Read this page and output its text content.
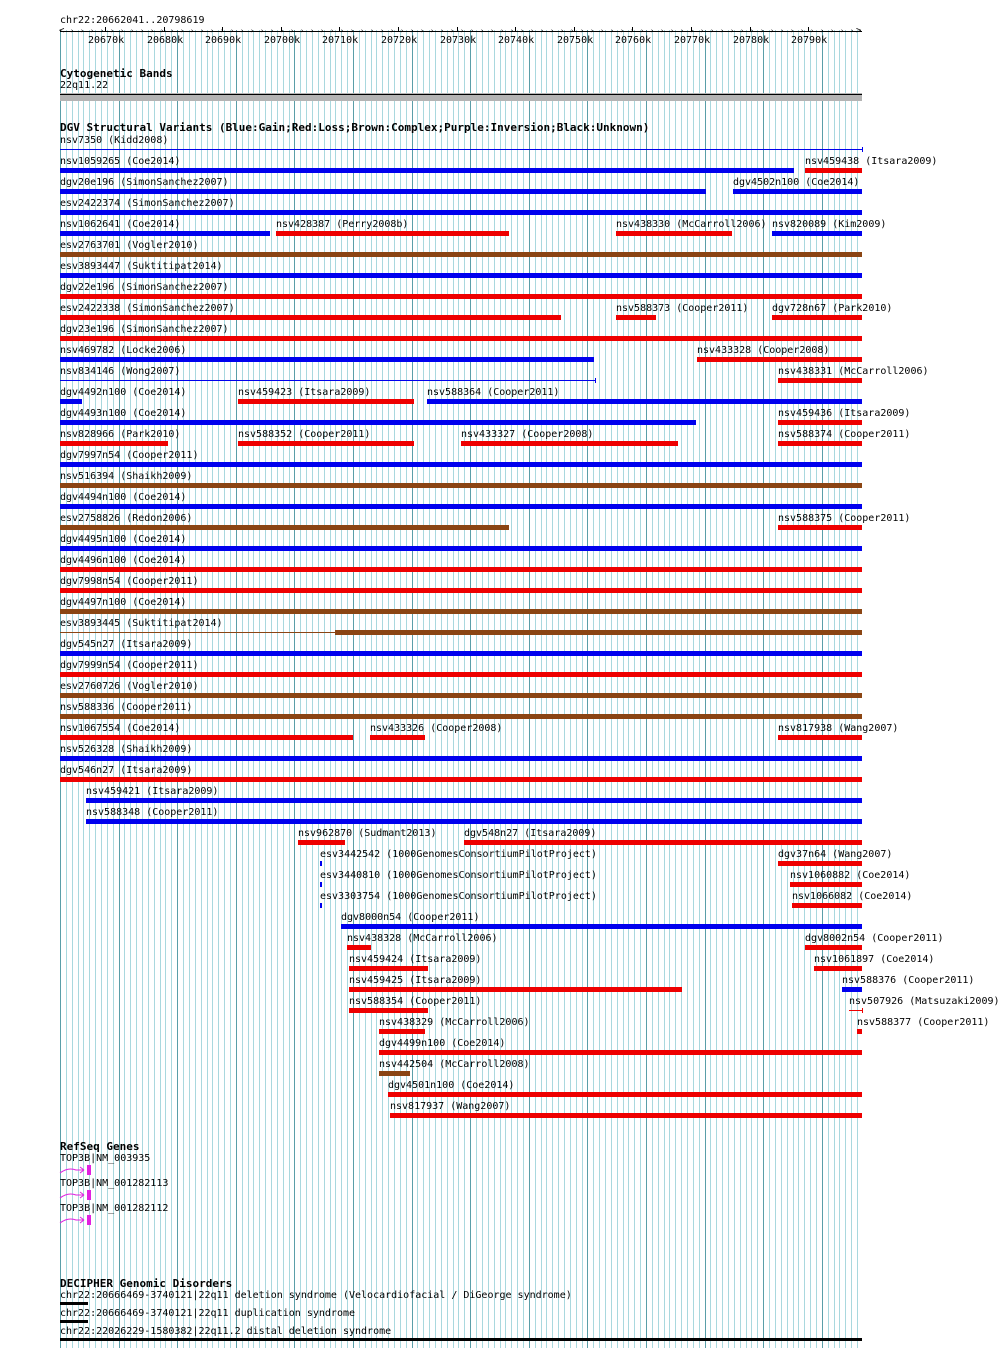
chr22:20662041..20798619
<	>
20670k 20680k 20690k 20700k 20710k 20720k 20730k 20740k 20750k 20760k 20770k 20780k 20790k
› › › › › › › › › › › › › › › › › › › › › › › › › › › › › › › › › › › › › › › › › › › › › › › › › › › › › › › › › › › › › › › › › › › › › › › › › › › › › › ›
Cytogenetic Bands
22q11.22
DGV Structural Variants (Blue:Gain;Red:Loss;Brown:Complex;Purple:Inversion;Black:Unknown)
nsv7350 (Kidd2008)
nsv1059265 (Coe2014)	nsv459438 (Itsara2009)
dgv20e196 (SimonSanchez2007)	dgv4502n100 (Coe2014)
esv2422374 (SimonSanchez2007)
nsv1062641 (Coe2014)	nsv428387 (Perry2008b)	nsv438330 (McCarroll2006) nsv820089 (Kim2009)
esv2763701 (Vogler2010)
esv3893447 (Suktitipat2014)
dgv22e196 (SimonSanchez2007)
esv2422338 (SimonSanchez2007)	nsv588373 (Cooper2011) dgv728n67 (Park2010)
dgv23e196 (SimonSanchez2007)
nsv469782 (Locke2006)	nsv433328 (Cooper2008)
nsv834146 (Wong2007)	nsv438331 (McCarroll2006)
dgv4492n100 (Coe2014)	nsv459423 (Itsara2009)	nsv588364 (Cooper2011)
dgv4493n100 (Coe2014)	nsv459436 (Itsara2009)
nsv828966 (Park2010)	nsv588352 (Cooper2011)	nsv433327 (Cooper2008)	nsv588374 (Cooper2011)
dgv7997n54 (Cooper2011)
nsv516394 (Shaikh2009)
dgv4494n100 (Coe2014)
esv2758826 (Redon2006)	nsv588375 (Cooper2011)
dgv4495n100 (Coe2014)
dgv4496n100 (Coe2014)
dgv7998n54 (Cooper2011)
dgv4497n100 (Coe2014)
esv3893445 (Suktitipat2014)
dgv545n27 (Itsara2009)
dgv7999n54 (Cooper2011)
esv2760726 (Vogler2010)
nsv588336 (Cooper2011)
nsv1067554 (Coe2014)	nsv433326 (Cooper2008)	nsv817938 (Wang2007)
nsv526328 (Shaikh2009)
dgv546n27 (Itsara2009)
nsv459421 (Itsara2009)
nsv588348 (Cooper2011)
nsv962870 (Sudmant2013)	dgv548n27 (Itsara2009)
esv3442542 (1000GenomesConsortiumPilotProject)	dgv37n64 (Wang2007)
esv3440810 (1000GenomesConsortiumPilotProject)	nsv1060882 (Coe2014)
esv3303754 (1000GenomesConsortiumPilotProject)	nsv1066082 (Coe2014)
dgv8000n54 (Cooper2011)
nsv438328 (McCarroll2006)	dgv8002n54 (Cooper2011)
nsv459424 (Itsara2009)	nsv1061897 (Coe2014)
nsv459425 (Itsara2009)	nsv588376 (Cooper2011)
nsv588354 (Cooper2011)	nsv507926 (Matsuzaki2009)
nsv438329 (McCarroll2006)	nsv588377 (Cooper2011)
dgv4499n100 (Coe2014)
nsv442504 (McCarroll2008)
dgv4501n100 (Coe2014)
nsv817937 (Wang2007)
RefSeq Genes
TOP3B|NM_003935
TOP3B|NM_001282113
TOP3B|NM_001282112
DECIPHER Genomic Disorders
chr22:20666469-3740121|22q11 deletion syndrome (Velocardiofacial / DiGeorge syndrome)
chr22:20666469-3740121|22q11 duplication syndrome
chr22:22026229-1580382|22q11.2 distal deletion syndrome
